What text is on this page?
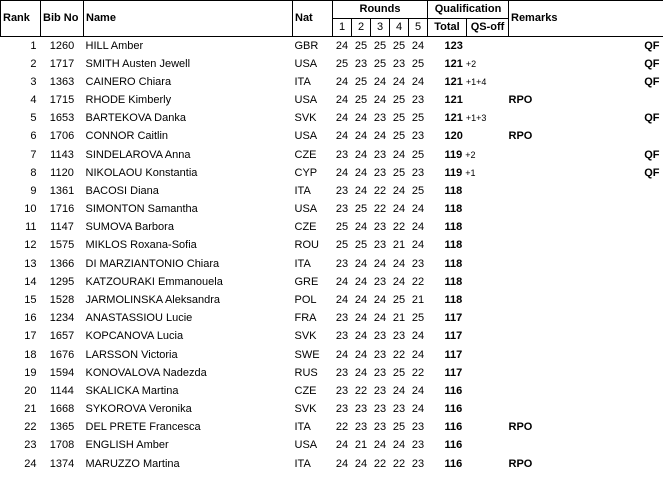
Rank	Bib No	Name	Nat	Rounds					Qualification		Remarks	
				1	2	3	4	5	Total	QS-off		
1	1260	HILL Amber	GBR	24	25	25	25	24	123			QF
2	1717	SMITH Austen Jewell	USA	25	23	25	23	25	121 +2			QF
3	1363	CAINERO Chiara	ITA	24	25	24	24	24	121 +1+4			QF
4	1715	RHODE Kimberly	USA	24	25	24	25	23	121		RPO	
5	1653	BARTEKOVA Danka	SVK	24	24	23	25	25	121 +1+3			QF
6	1706	CONNOR Caitlin	USA	24	24	24	25	23	120		RPO	
7	1143	SINDELAROVA Anna	CZE	23	24	23	24	25	119 +2			QF
8	1120	NIKOLAOU Konstantia	CYP	24	24	23	25	23	119 +1			QF
9	1361	BACOSI Diana	ITA	23	24	22	24	25	118			
10	1716	SIMONTON Samantha	USA	23	25	22	24	24	118			
11	1147	SUMOVA Barbora	CZE	25	24	23	22	24	118			
12	1575	MIKLOS Roxana-Sofia	ROU	25	25	23	21	24	118			
13	1366	DI MARZIANTONIO Chiara	ITA	23	24	24	24	23	118			
14	1295	KATZOURAKI Emmanouela	GRE	24	24	23	24	22	118			
15	1528	JARMOLINSKA Aleksandra	POL	24	24	24	25	21	118			
16	1234	ANASTASSIOU Lucie	FRA	23	24	24	21	25	117			
17	1657	KOPCANOVA Lucia	SVK	23	24	23	23	24	117			
18	1676	LARSSON Victoria	SWE	24	24	23	22	24	117			
19	1594	KONOVALOVA Nadezda	RUS	23	24	23	25	22	117			
20	1144	SKALICKA Martina	CZE	23	22	23	24	24	116			
21	1668	SYKOROVA Veronika	SVK	23	23	23	23	24	116			
22	1365	DEL PRETE Francesca	ITA	22	23	23	25	23	116		RPO	
23	1708	ENGLISH Amber	USA	24	21	24	24	23	116			
24	1374	MARUZZO Martina	ITA	24	24	22	22	23	116		RPO	
